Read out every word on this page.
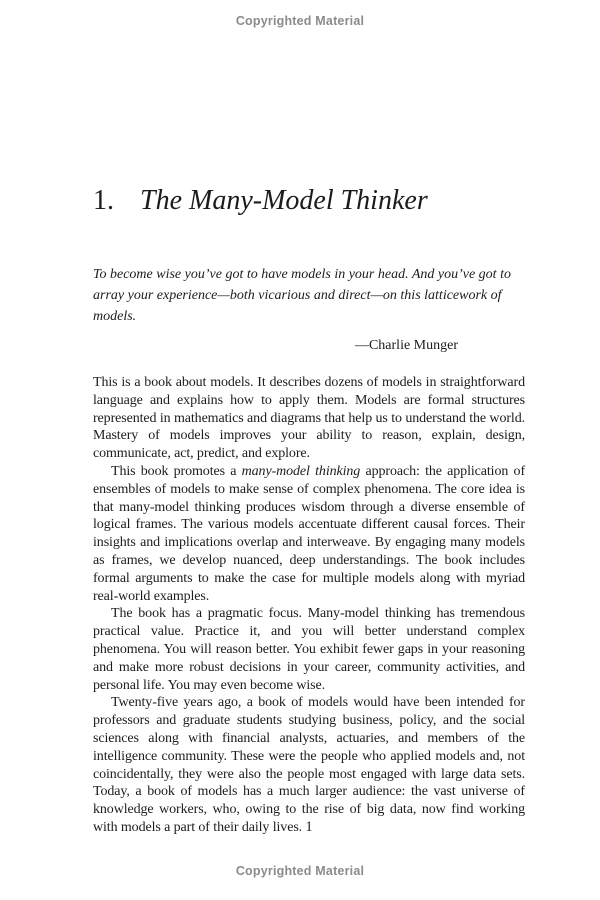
Copyrighted Material
1. The Many-Model Thinker

To become wise you’ve got to have models in your head. And you’ve got to array your experience—both vicarious and direct—on this latticework of models.

—Charlie Munger

This is a book about models. It describes dozens of models in straightforward language and explains how to apply them. Models are formal structures represented in mathematics and diagrams that help us to understand the world. Mastery of models improves your ability to reason, explain, design, communicate, act, predict, and explore.

This book promotes a many-model thinking approach: the application of ensembles of models to make sense of complex phenomena. The core idea is that many-model thinking produces wisdom through a diverse ensemble of logical frames. The various models accentuate different causal forces. Their insights and implications overlap and interweave. By engaging many models as frames, we develop nuanced, deep understandings. The book includes formal arguments to make the case for multiple models along with myriad real-world examples.

The book has a pragmatic focus. Many-model thinking has tremendous practical value. Practice it, and you will better understand complex phenomena. You will reason better. You exhibit fewer gaps in your reasoning and make more robust decisions in your career, community activities, and personal life. You may even become wise.

Twenty-five years ago, a book of models would have been intended for professors and graduate students studying business, policy, and the social sciences along with financial analysts, actuaries, and members of the intelligence community. These were the people who applied models and, not coincidentally, they were also the people most engaged with large data sets. Today, a book of models has a much larger audience: the vast universe of knowledge workers, who, owing to the rise of big data, now find working with models a part of their daily lives. 1
Copyrighted Material
